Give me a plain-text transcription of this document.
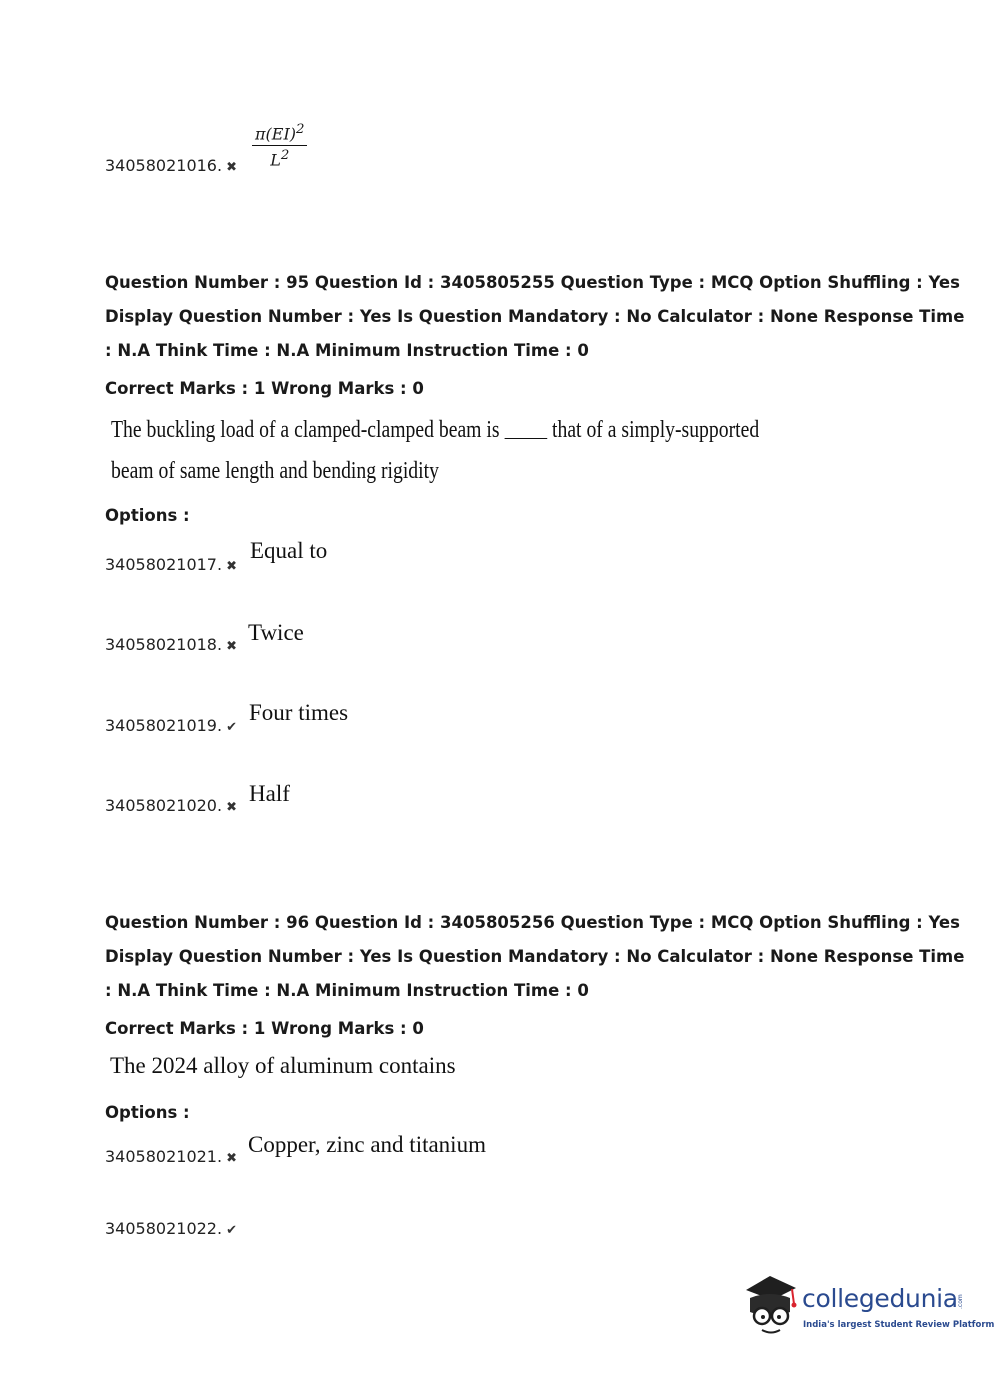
34058021016. ✖ $\frac{\pi(EI)^2}{L^2}$
Question Number : 95 Question Id : 3405805255 Question Type : MCQ Option Shuffling : Yes
Display Question Number : Yes Is Question Mandatory : No Calculator : None Response Time
: N.A Think Time : N.A Minimum Instruction Time : 0
Correct Marks : 1 Wrong Marks : 0
The buckling load of a clamped-clamped beam is that of a simply-supported
beam of same length and bending rigidity
Options :
34058021017. ✖
Equal to
34058021018. ✖
Twice
34058021019. ✔
Four times
34058021020. ✖
Half
Question Number : 96 Question Id : 3405805256 Question Type : MCQ Option Shuffling : Yes
Display Question Number : Yes Is Question Mandatory : No Calculator : None Response Time
: N.A Think Time : N.A Minimum Instruction Time : 0
Correct Marks : 1 Wrong Marks : 0
The 2024 alloy of aluminum contains
Options :
34058021021. ✖
Copper, zinc and titanium
34058021022. ✔
collegedunia.com
India's largest Student Review Platform
